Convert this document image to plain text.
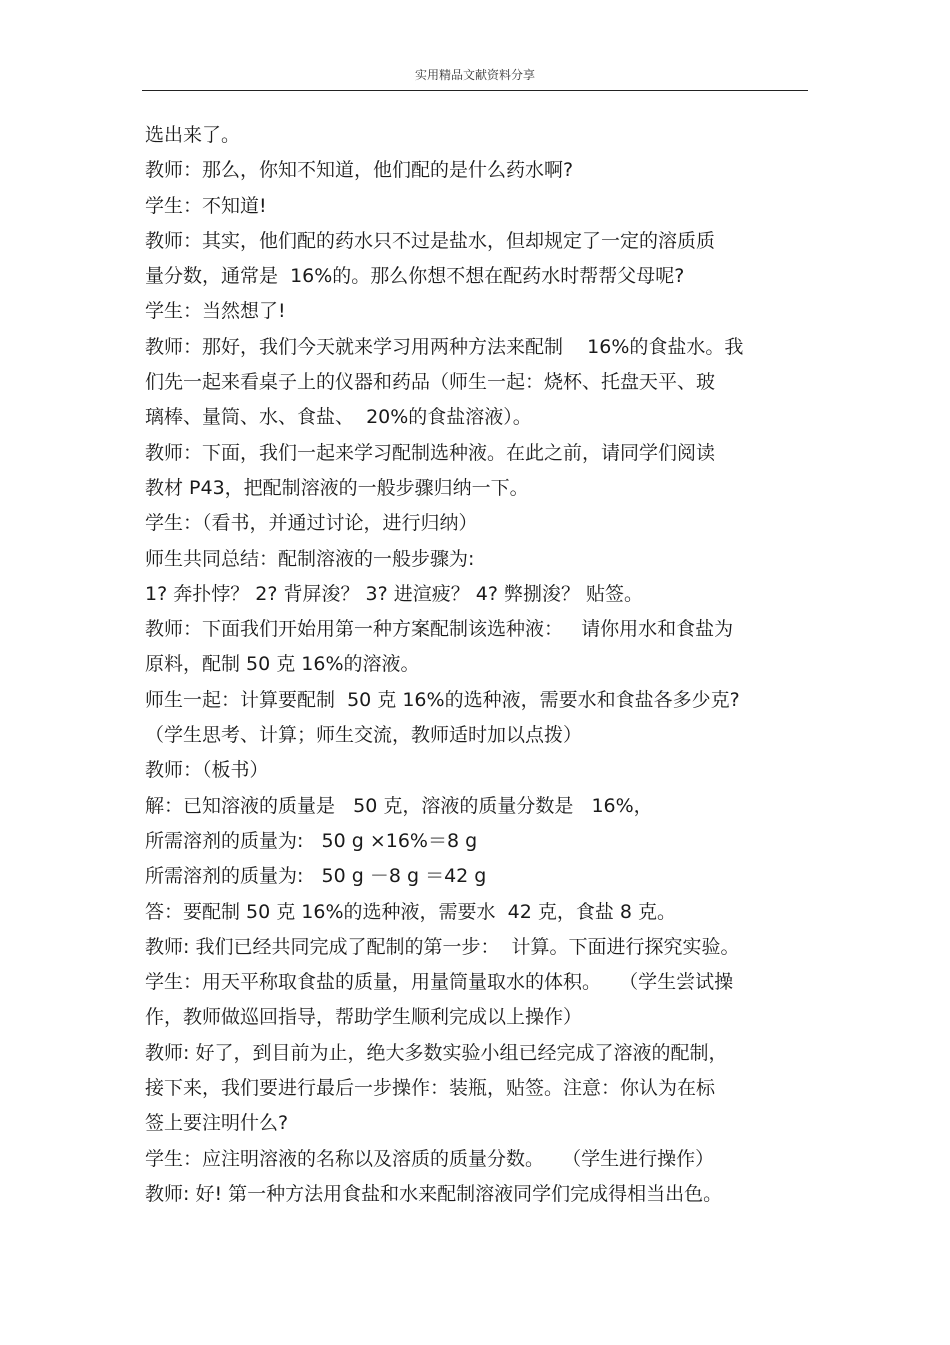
实用精品文献资料分享
选出来了。
教师：那么，你知不知道，他们配的是什么药水啊?
学生：不知道!
教师：其实，他们配的药水只不过是盐水，但却规定了一定的溶质质
量分数，通常是  16%的。那么你想不想在配药水时帮帮父母呢?
学生：当然想了!
教师：那好，我们今天就来学习用两种方法来配制    16%的食盐水。我
们先一起来看桌子上的仪器和药品（师生一起：烧杯、托盘天平、玻
璃棒、量筒、水、食盐、  20%的食盐溶液）。
教师：下面，我们一起来学习配制选种液。在此之前，请同学们阅读
教材 P43，把配制溶液的一般步骤归纳一下。
学生：（看书，并通过讨论，进行归纳）
师生共同总结：配制溶液的一般步骤为:
1? 奔扑悖？ 2? 背屏浚？ 3? 进渲疲？ 4? 弊捌浚？ 贴签。
教师：下面我们开始用第一种方案配制该选种液：   请你用水和食盐为
原料，配制 50 克 16%的溶液。
师生一起：计算要配制  50 克 16%的选种液，需要水和食盐各多少克?
（学生思考、计算；师生交流，教师适时加以点拨）
教师：（板书）
解：已知溶液的质量是   50 克，溶液的质量分数是   16%，
所需溶剂的质量为:   50 g ×16%＝8 g
所需溶剂的质量为:   50 g －8 g ＝42 g
答：要配制 50 克 16%的选种液，需要水  42 克，食盐 8 克。
教师: 我们已经共同完成了配制的第一步：  计算。下面进行探究实验。
学生：用天平称取食盐的质量，用量筒量取水的体积。   （学生尝试操
作，教师做巡回指导，帮助学生顺利完成以上操作）
教师: 好了，到目前为止，绝大多数实验小组已经完成了溶液的配制，
接下来，我们要进行最后一步操作：装瓶，贴签。注意：你认为在标
签上要注明什么?
学生：应注明溶液的名称以及溶质的质量分数。   （学生进行操作）
教师: 好! 第一种方法用食盐和水来配制溶液同学们完成得相当出色。
